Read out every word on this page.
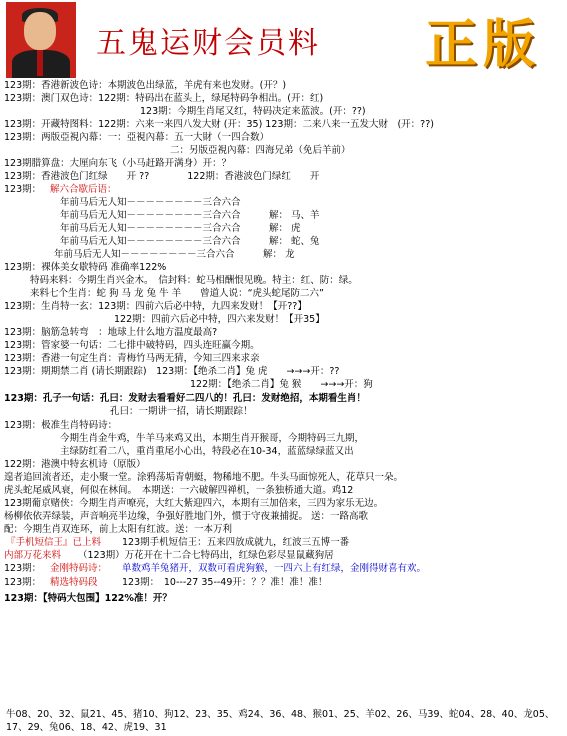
五鬼运财会员料 正版
牛08、20、32、鼠21、45、猪10、狗12、23、35、鸡24、36、48、猴01、25、羊02、26、马39、蛇04、28、40、龙05、17、29、兔06、18、42、虎19、31
123期：香港新波色诗：本期波色出绿蓝，羊虎有来也发财。(开？)
123期：澳门双色诗：122期：特码出在蓝头上，绿尾特码争相出。(开：红)
123期：今期生肖尾又红，特码决定来蓝波。(开：??)
123期：开藏特图料：122期：六来一来四八发大财 (开：35) 123期：二来八来一五发大财　(开：??)
123期：两版亞視內幕：一：亞視內幕：五一大財（一四合数）
二：另版亞視內幕：四海兄弟（免后羊前）
123期腊算盘：大厘向东飞（小马赶路开满身）开：？
123期：香港波色门红绿　　开 ??　　　　122期：香港波色门绿红　　开
123期： 解六合歇后语：
年前马后无人知－－－－－－－－三合六合
年前马后无人知－－－－－－－－三合六合　　　解： 马、羊
年前马后无人知－－－－－－－－三合六合　　　解： 虎
年前马后无人知－－－－－－－－三合六合　　　解： 蛇、兔
年前马后无人知－－－－－－－－三合六合　　　解： 龙
123期：裸体美女歇特码 准确率122%
特码来料：今期生肖兴金木。　信封料：蛇马相酬恨见晚。特主：红、防：绿。
来料七个生肖：蛇 狗 马 龙 兔 牛 羊　　曾道人说：“虎头蛇尾防二六”
123期：生肖特一玄：123期：四前六后必中特，九四来发财！【开??】
122期：四前六后必中特，四六来发财！【开35】
123期：脑筋急转弯　：地球上什么地方温度最高?
123期：管家婆一句话：二七排中破特码，四头连旺赢今期。
123期：香港一句定生肖：青梅竹马两无猜，今知三四来求亲
123期：期期禁二肖 (请长期跟踪)　123期：【绝杀二肖】兔 虎　　→→→开：??
122期：【绝杀二肖】兔 猴　　→→→开：狗
123期：孔子一句话：孔曰：发财去看看好二四八的！孔曰：发财绝招，本期看生肖！
孔曰：一期讲一招，请长期跟踪！
123期：极准生肖特码诗：
今期生肖金牛鸡，牛羊马来鸡又出，本期生肖开猴哥，今期特码三九期，
主绿防红看二八，重肖重尾小心出，特段必在10-34，蓝蓝绿绿蓝又出
122期：港澳中特玄机诗（原版）
遑者追回流者还，走小聚一堂。涂鸦荡垢青朝蜓，物稀地不肥。牛头马面惊死人，花草只一朵。
虎头蛇尾威风衰，何似在林间。　本期送：一六破解四禅机，一条独桥通大道。鸡12
123期葡京赌侠：今期生肖声嘹亮，大红大紫迎四六，本期有三加倍来，三四为家乐无边。
杨柳依依弄绿装，声音响亮半边缘，争强好胜地门外，惯于守夜兼捕捉。 送：一路高歌
配：今期生肖双连环，前上太阳有红波。送：一本万利
『手机短信王』已上料 123期手机短信王：五来四放成就九，红波三五博一番
内部万花来料 （123期）万花开在十二合七特码出，红绿色彩尽显鼠藏狗居
123期： 金刚特码诗： 单数鸡羊兔猪开，双数可看虎狗猴，一四六上有红绿，金刚得财喜有欢。
123期： 精选特码段	123期：　10---27 35--49开：？？准！准！准！
123期：【特码大包围】122%准！开？
